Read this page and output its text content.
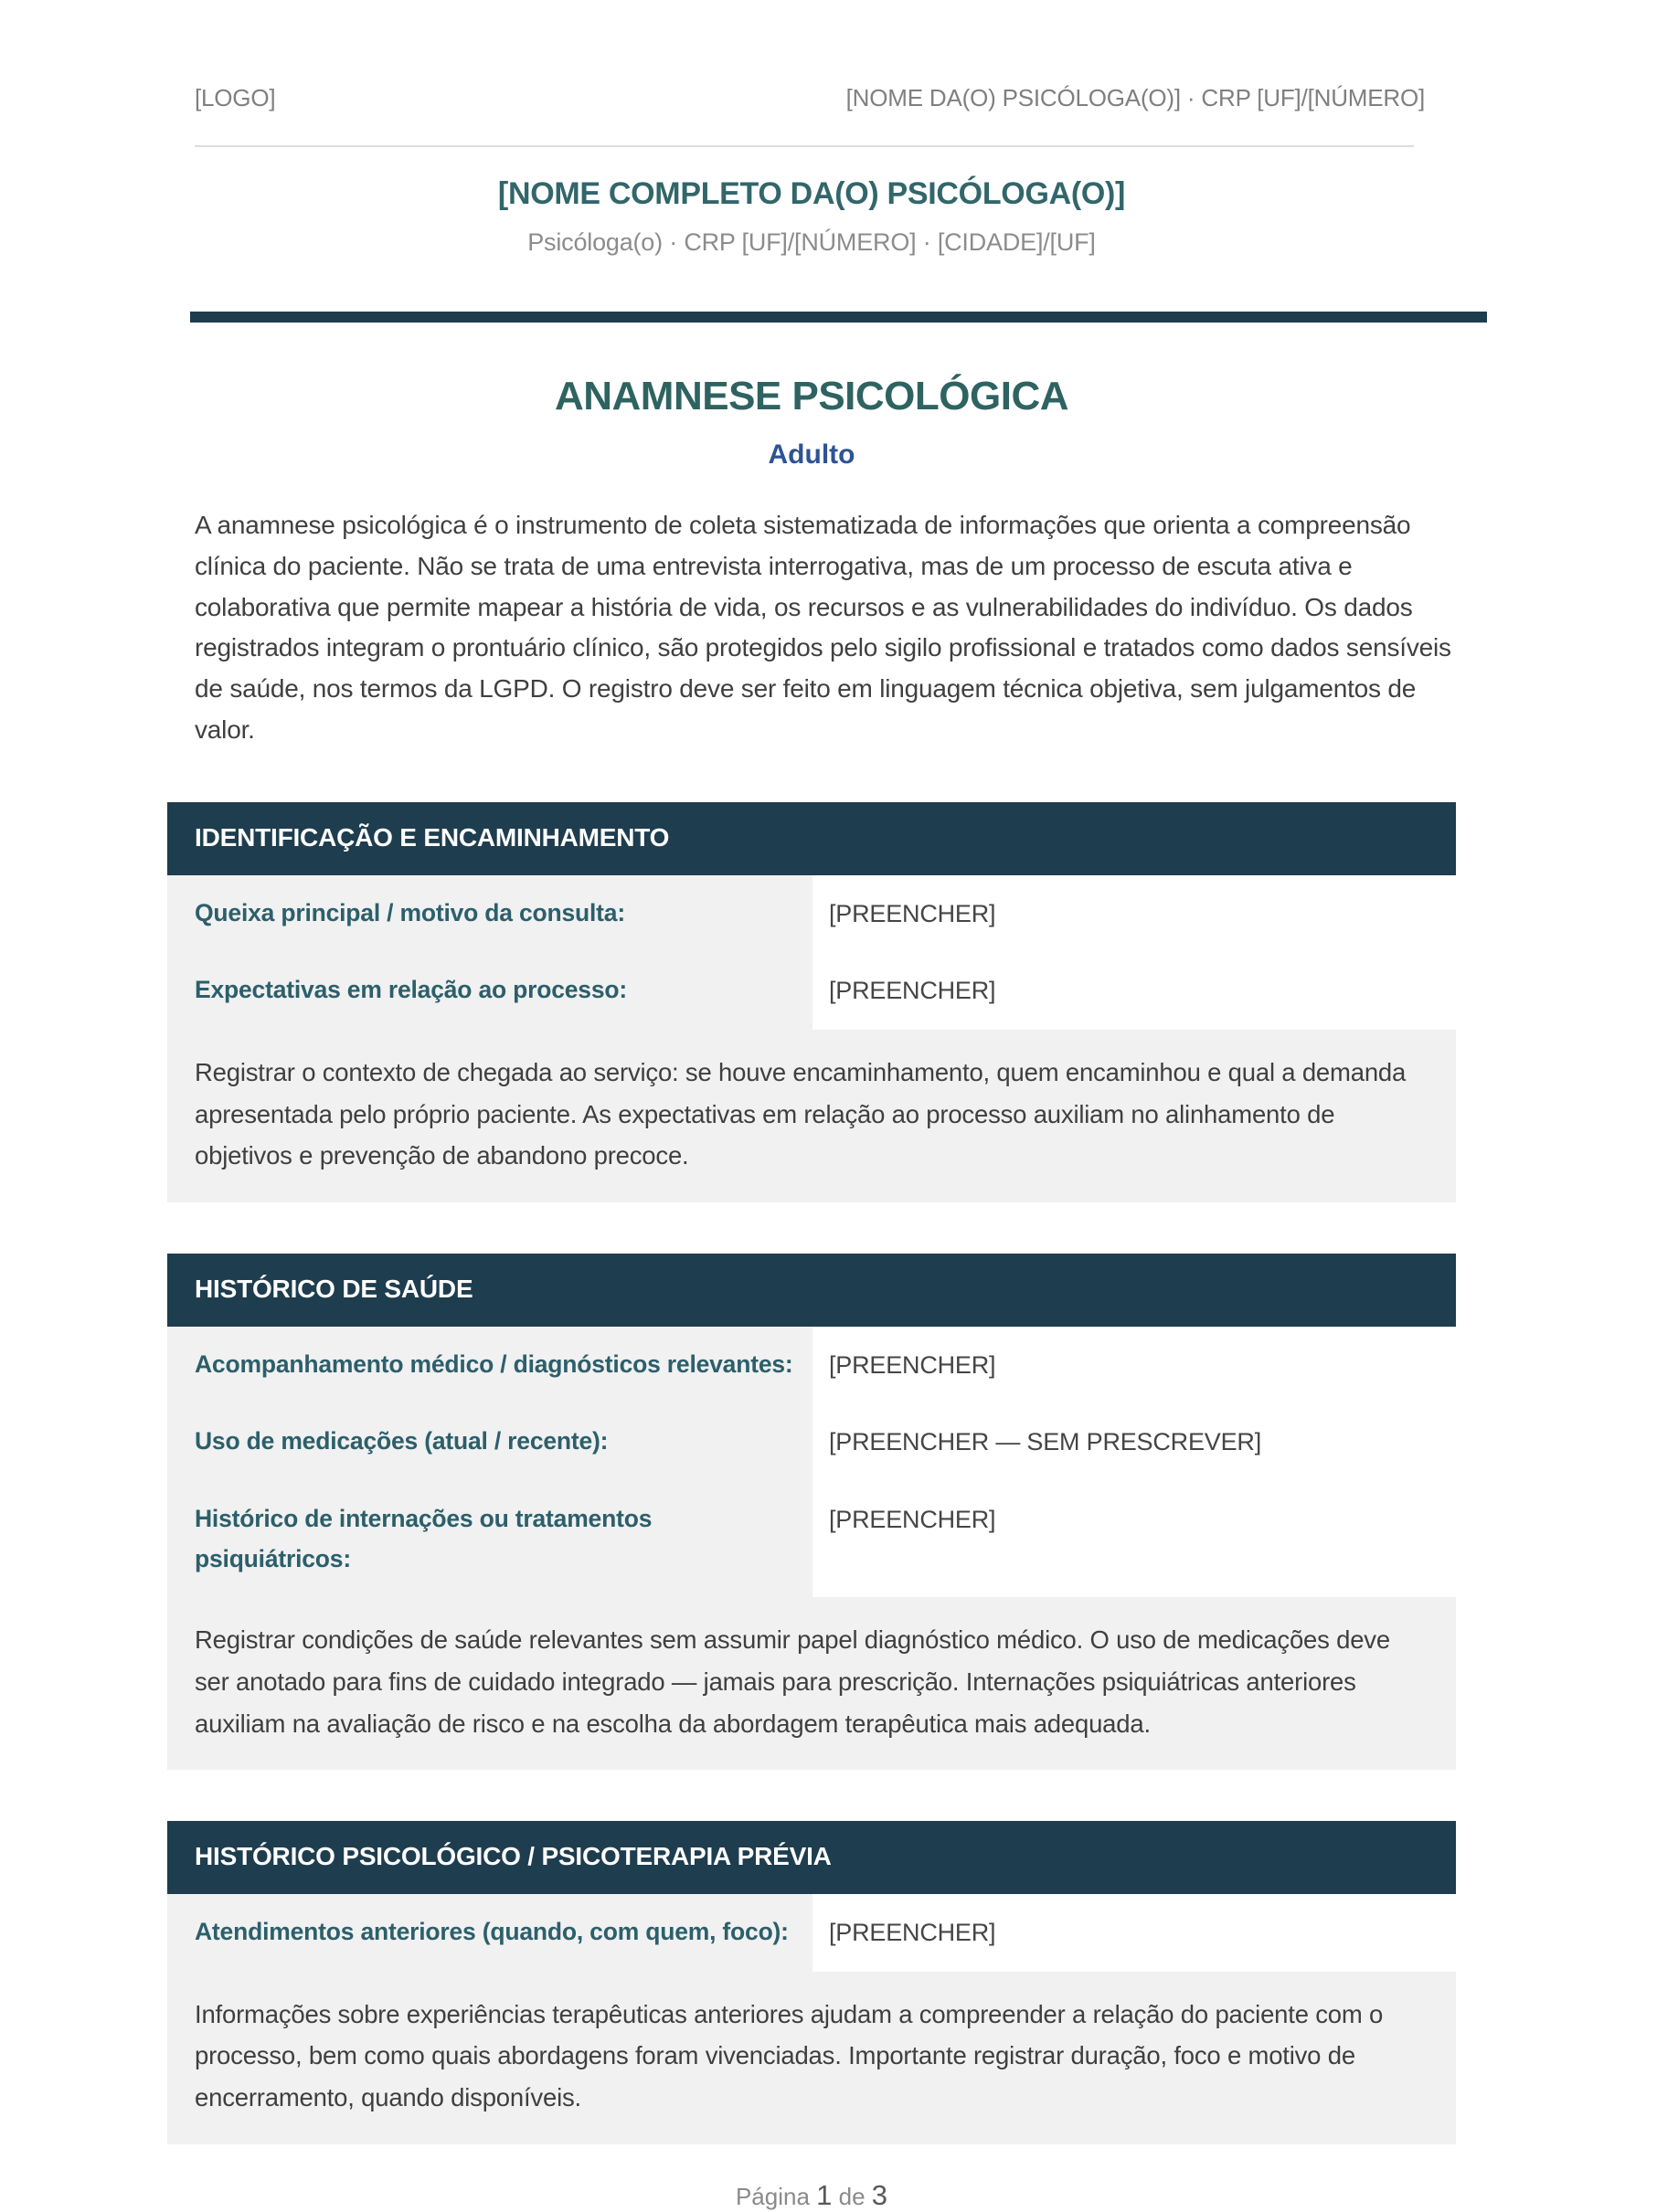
[LOGO]	[NOME DA(O) PSICÓLOGA(O)] · CRP [UF]/[NÚMERO]
[NOME COMPLETO DA(O) PSICÓLOGA(O)]
Psicóloga(o) · CRP [UF]/[NÚMERO] · [CIDADE]/[UF]
ANAMNESE PSICOLÓGICA
Adulto

A anamnese psicológica é o instrumento de coleta sistematizada de informações que orienta a compreensão clínica do paciente. Não se trata de uma entrevista interrogativa, mas de um processo de escuta ativa e colaborativa que permite mapear a história de vida, os recursos e as vulnerabilidades do indivíduo. Os dados registrados integram o prontuário clínico, são protegidos pelo sigilo profissional e tratados como dados sensíveis de saúde, nos termos da LGPD. O registro deve ser feito em linguagem técnica objetiva, sem julgamentos de valor.

IDENTIFICAÇÃO E ENCAMINHAMENTO
Queixa principal / motivo da consulta:	[PREENCHER]
Expectativas em relação ao processo:	[PREENCHER]
Registrar o contexto de chegada ao serviço: se houve encaminhamento, quem encaminhou e qual a demanda apresentada pelo próprio paciente. As expectativas em relação ao processo auxiliam no alinhamento de objetivos e prevenção de abandono precoce.
HISTÓRICO DE SAÚDE
Acompanhamento médico / diagnósticos relevantes:	[PREENCHER]
Uso de medicações (atual / recente):	[PREENCHER — SEM PRESCREVER]
Histórico de internações ou tratamentos psiquiátricos:
[PREENCHER]
Registrar condições de saúde relevantes sem assumir papel diagnóstico médico. O uso de medicações deve ser anotado para fins de cuidado integrado — jamais para prescrição. Internações psiquiátricas anteriores auxiliam na avaliação de risco e na escolha da abordagem terapêutica mais adequada.
HISTÓRICO PSICOLÓGICO / PSICOTERAPIA PRÉVIA
Atendimentos anteriores (quando, com quem, foco):	[PREENCHER]
Informações sobre experiências terapêuticas anteriores ajudam a compreender a relação do paciente com o processo, bem como quais abordagens foram vivenciadas. Importante registrar duração, foco e motivo de encerramento, quando disponíveis.
Página 1 de 3
